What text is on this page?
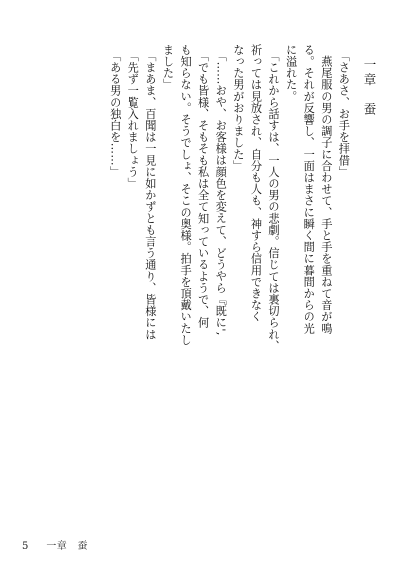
一章　蚕
　「さあさ、お手を拝借」
　燕尾服の男の調子に合わせて、手と手を重ねて音が鳴
る。それが反響し、一面はまさに瞬く間に暮間からの光
に溢れた。
　「これから話すは、一人の男の悲劇。信じては裏切られ、
祈っては見放され、自分も人も、神すら信用できなく
なった男がおりました」
　「……おや、お客様は顔色を変えて、どうやら『既に',
　「でも皆様、そもそも私は全て知っているようで、何
も知らない。そうでしょ、そこの奥様。拍手を頂戴いたし
ました」
　「まあま、百聞は一見に如かずとも言う通り、皆様には
　「先ず一覧入れましょう」
　「ある男の独白を……」
5 一章　蚕
